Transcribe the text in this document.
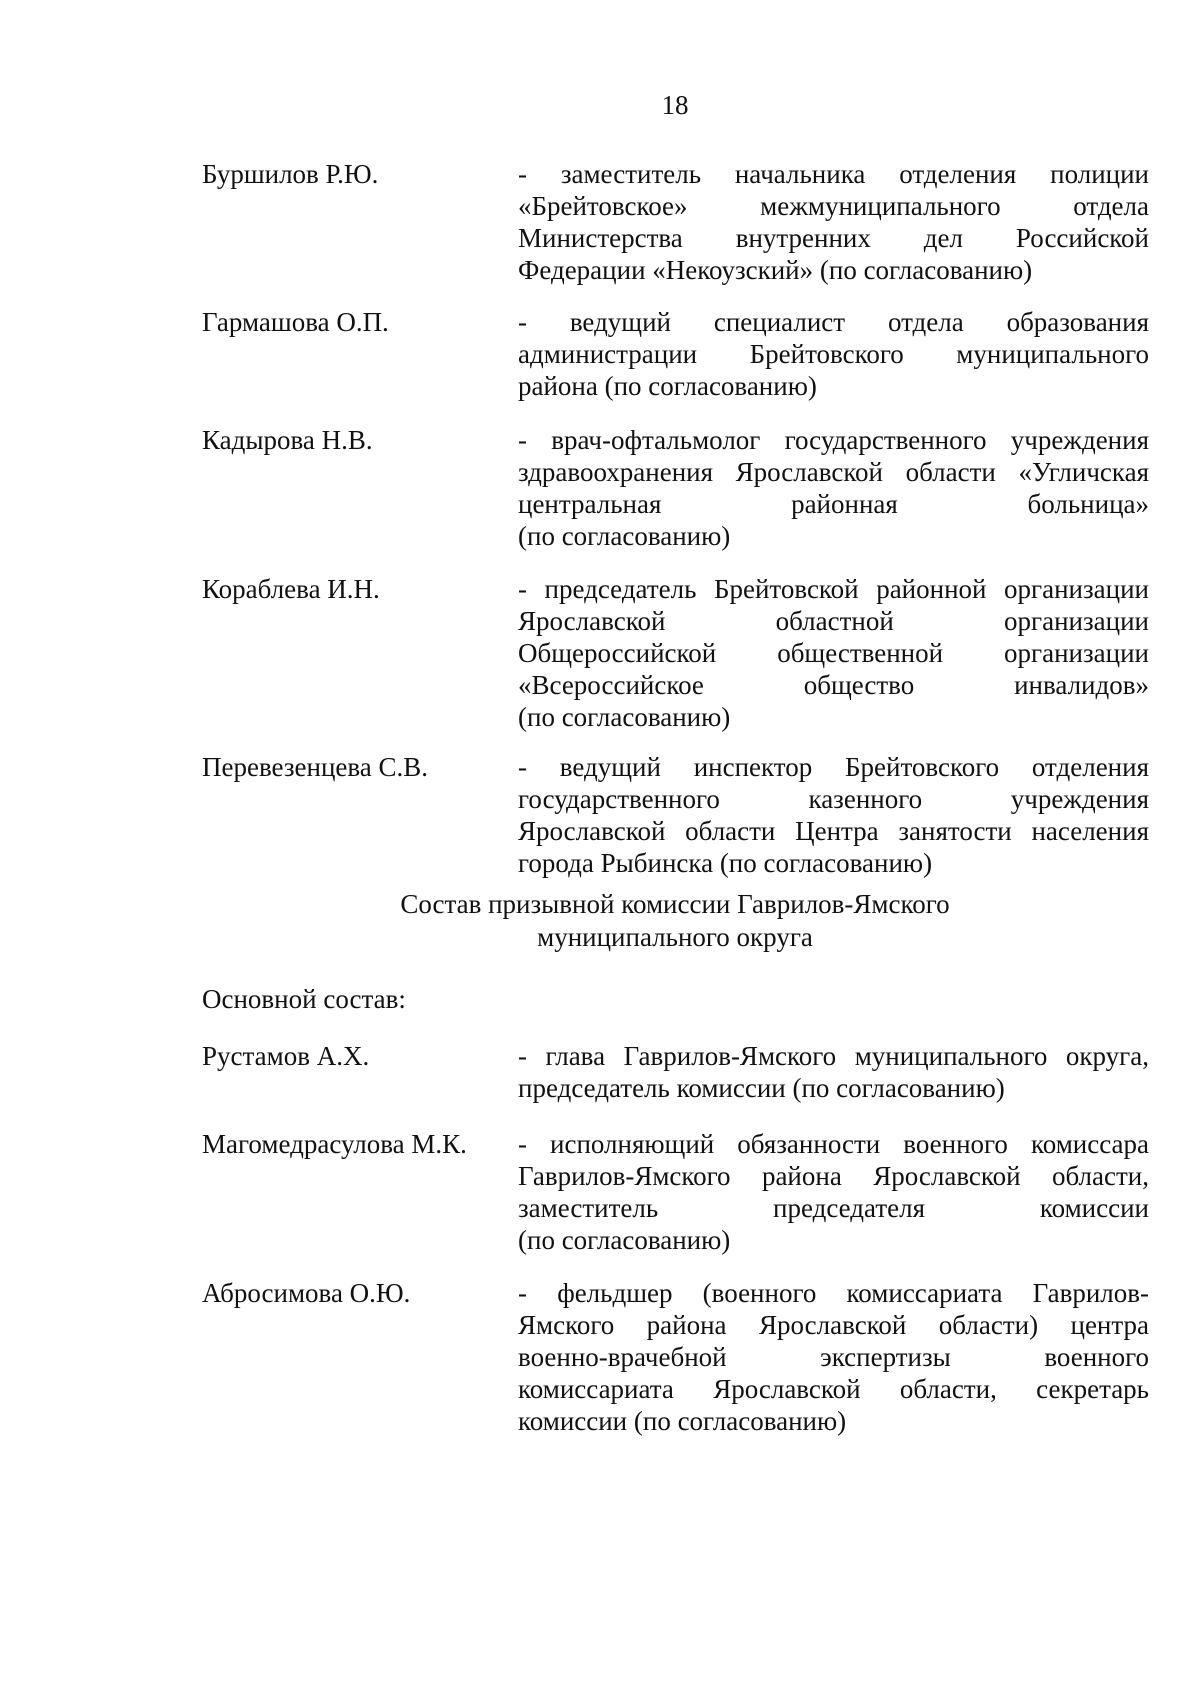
18
Буршилов Р.Ю.	- заместитель начальника отделения полиции
«Брейтовское» межмуниципального отдела
Министерства внутренних дел Российской
Федерации «Некоузский» (по согласованию)
Гармашова О.П.	- ведущий специалист отдела образования
администрации Брейтовского муниципального
района (по согласованию)
Кадырова Н.В.	- врач-офтальмолог государственного учреждения
здравоохранения Ярославской области «Угличская
центральная районная больница»
(по согласованию)
Кораблева И.Н.	- председатель Брейтовской районной организации
Ярославской областной организации
Общероссийской общественной организации
«Всероссийское общество инвалидов»
(по согласованию)
Перевезенцева С.В.	- ведущий инспектор Брейтовского отделения
государственного казенного учреждения
Ярославской области Центра занятости населения
города Рыбинска (по согласованию)
Состав призывной комиссии Гаврилов-Ямского
муниципального округа
Основной состав:
Рустамов А.Х.	- глава Гаврилов-Ямского муниципального округа,
председатель комиссии (по согласованию)
Магомедрасулова М.К. - исполняющий обязанности военного комиссара
Гаврилов-Ямского района Ярославской области,
заместитель председателя комиссии
(по согласованию)
Абросимова О.Ю.	- фельдшер (военного комиссариата Гаврилов-
Ямского района Ярославской области) центра
военно-врачебной экспертизы военного
комиссариата Ярославской области, секретарь
комиссии (по согласованию)
